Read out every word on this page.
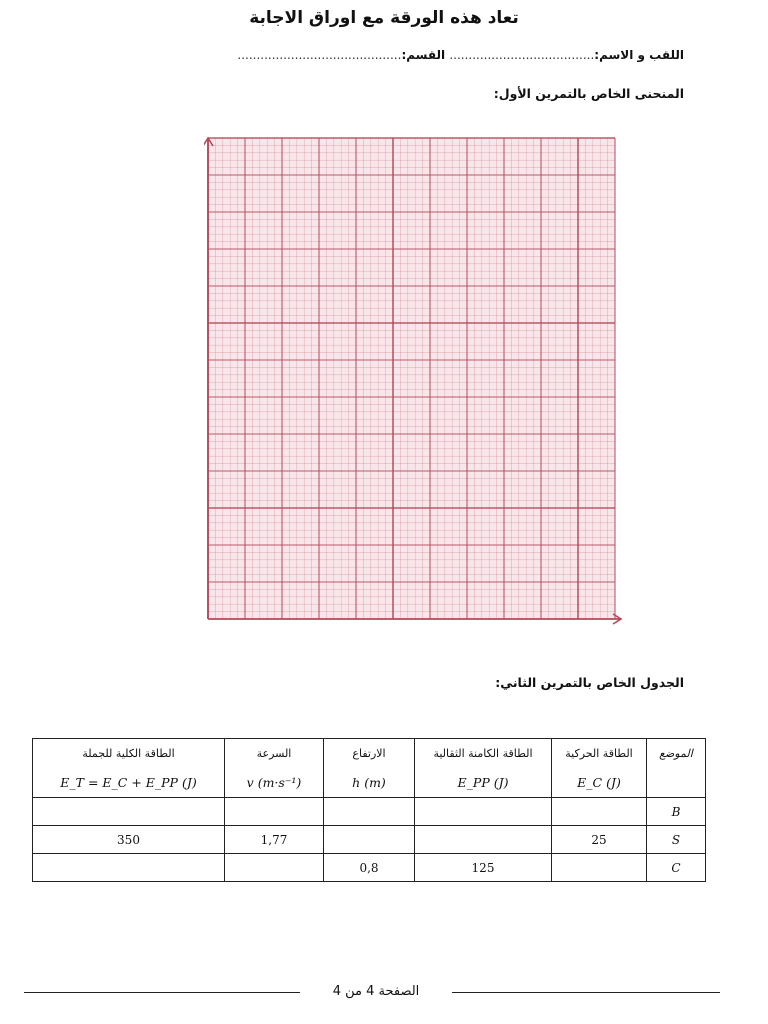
تعاد هذه الورقة مع اوراق الاجابة
اللقب و الاسم:...................................... القسم:...........................................
المنحنى الخاص بالتمرين الأول:
الجدول الخاص بالتمرين الثاني:
الموضع	الطاقة الحركية	الطاقة الكامنة الثقالية	الارتفاع	السرعة	الطاقة الكلية للجملة
	E_C (J)	E_PP (J)	h (m)	v (m·s⁻¹)	E_T = E_C + E_PP (J)
B					
S	25			1,77	350
C		125	0,8		
الصفحة 4 من 4
